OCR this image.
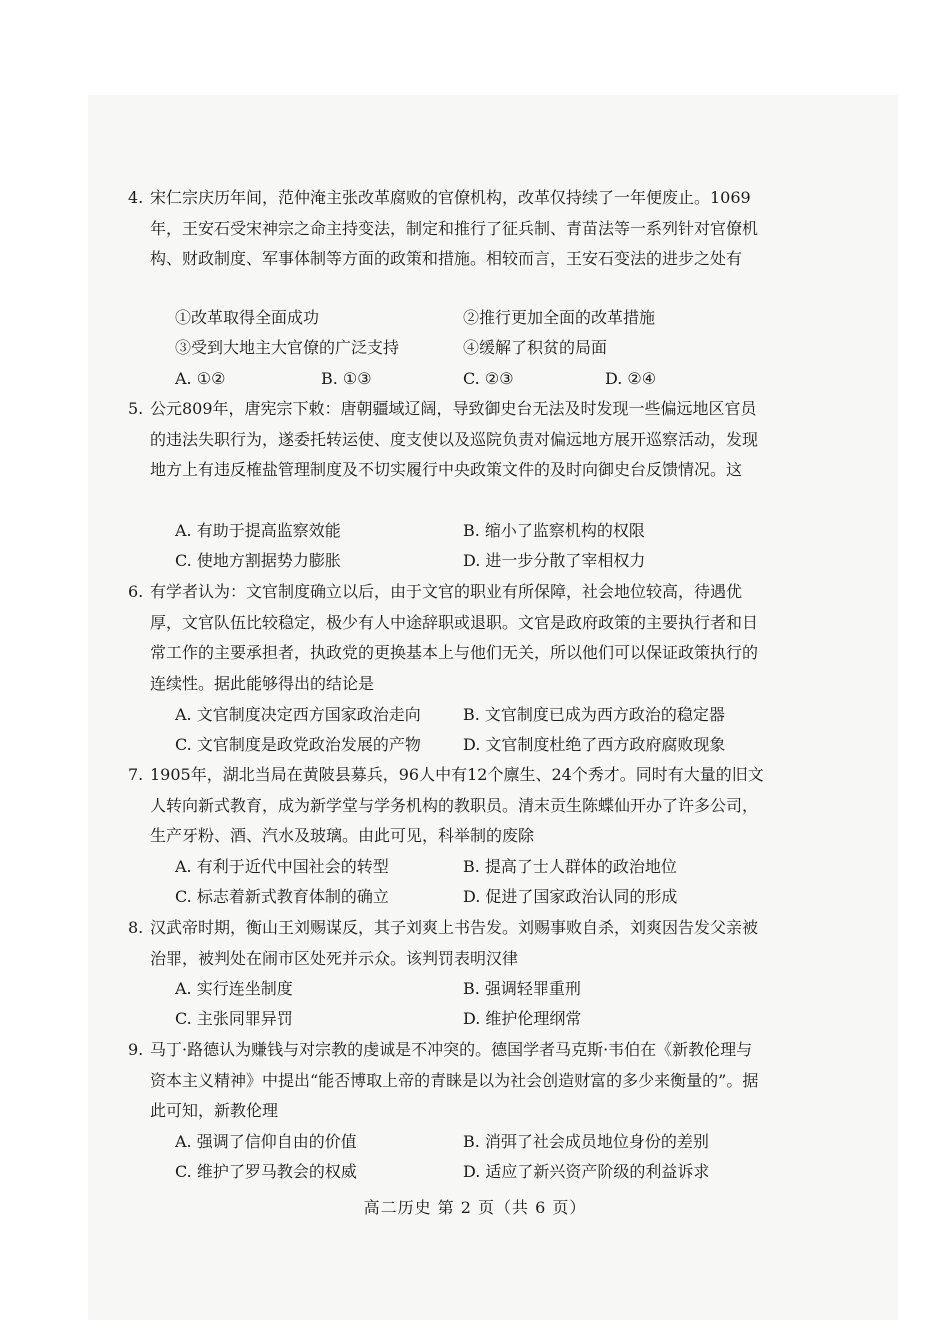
4. 宋仁宗庆历年间，范仲淹主张改革腐败的官僚机构，改革仅持续了一年便废止。1069年，王安石受宋神宗之命主持变法，制定和推行了征兵制、青苗法等一系列针对官僚机构、财政制度、军事体制等方面的政策和措施。相较而言，王安石变法的进步之处有
①改革取得全面成功	②推行更加全面的改革措施
③受到大地主大官僚的广泛支持	④缓解了积贫的局面
A. ①②	B. ①③	C. ②③	D. ②④
5. 公元809年，唐宪宗下敕：唐朝疆域辽阔，导致御史台无法及时发现一些偏远地区官员的违法失职行为，遂委托转运使、度支使以及巡院负责对偏远地方展开巡察活动，发现地方上有违反榷盐管理制度及不切实履行中央政策文件的及时向御史台反馈情况。这
A. 有助于提高监察效能	B. 缩小了监察机构的权限
C. 使地方割据势力膨胀	D. 进一步分散了宰相权力
6. 有学者认为：文官制度确立以后，由于文官的职业有所保障，社会地位较高，待遇优厚，文官队伍比较稳定，极少有人中途辞职或退职。文官是政府政策的主要执行者和日常工作的主要承担者，执政党的更换基本上与他们无关，所以他们可以保证政策执行的连续性。据此能够得出的结论是
A. 文官制度决定西方国家政治走向	B. 文官制度已成为西方政治的稳定器
C. 文官制度是政党政治发展的产物	D. 文官制度杜绝了西方政府腐败现象
7. 1905年，湖北当局在黄陂县募兵，96人中有12个廪生、24个秀才。同时有大量的旧文人转向新式教育，成为新学堂与学务机构的教职员。清末贡生陈蝶仙开办了许多公司，生产牙粉、酒、汽水及玻璃。由此可见，科举制的废除
A. 有利于近代中国社会的转型	B. 提高了士人群体的政治地位
C. 标志着新式教育体制的确立	D. 促进了国家政治认同的形成
8. 汉武帝时期，衡山王刘赐谋反，其子刘爽上书告发。刘赐事败自杀，刘爽因告发父亲被治罪，被判处在闹市区处死并示众。该判罚表明汉律
A. 实行连坐制度	B. 强调轻罪重刑
C. 主张同罪异罚	D. 维护伦理纲常
9. 马丁·路德认为赚钱与对宗教的虔诚是不冲突的。德国学者马克斯·韦伯在《新教伦理与资本主义精神》中提出“能否博取上帝的青睐是以为社会创造财富的多少来衡量的”。据此可知，新教伦理
A. 强调了信仰自由的价值	B. 消弭了社会成员地位身份的差别
C. 维护了罗马教会的权威	D. 适应了新兴资产阶级的利益诉求
高二历史 第 2 页（共 6 页）
